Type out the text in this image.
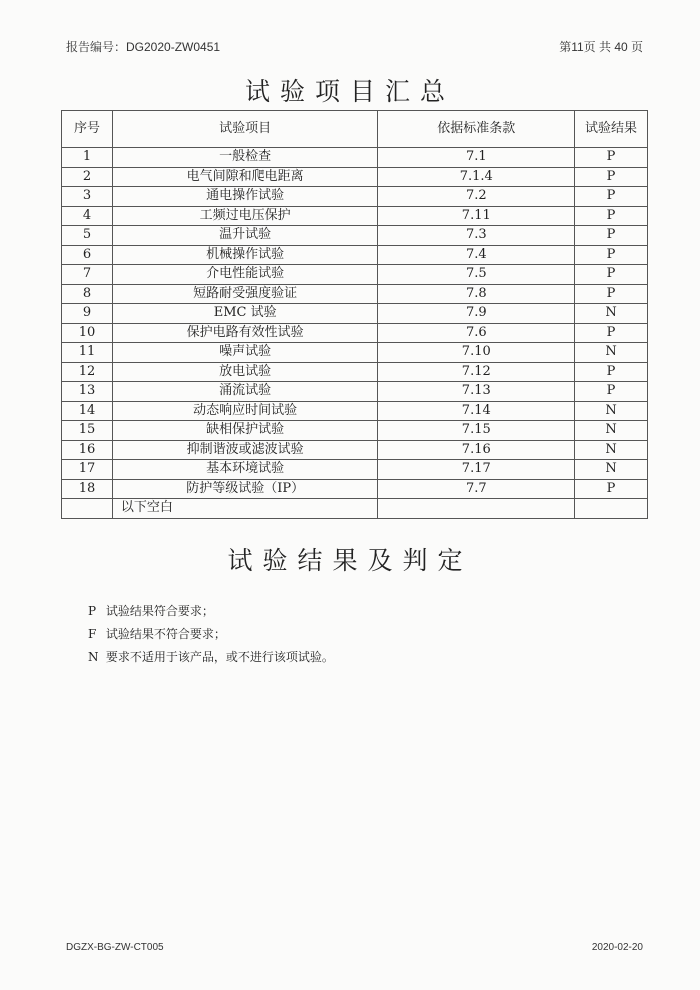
报告编号：DG2020-ZW0451	第11页 共 40 页
试验项目汇总
序号	试验项目	依据标准条款	试验结果
1	一般检查	7.1	P
2	电气间隙和爬电距离	7.1.4	P
3	通电操作试验	7.2	P
4	工频过电压保护	7.11	P
5	温升试验	7.3	P
6	机械操作试验	7.4	P
7	介电性能试验	7.5	P
8	短路耐受强度验证	7.8	P
9	EMC 试验	7.9	N
10	保护电路有效性试验	7.6	P
11	噪声试验	7.10	N
12	放电试验	7.12	P
13	涌流试验	7.13	P
14	动态响应时间试验	7.14	N
15	缺相保护试验	7.15	N
16	抑制谐波或滤波试验	7.16	N
17	基本环境试验	7.17	N
18	防护等级试验（IP）	7.7	P
	以下空白		
试验结果及判定
P 试验结果符合要求；
F 试验结果不符合要求；
N 要求不适用于该产品，或不进行该项试验。
DGZX-BG-ZW-CT005	2020-02-20
